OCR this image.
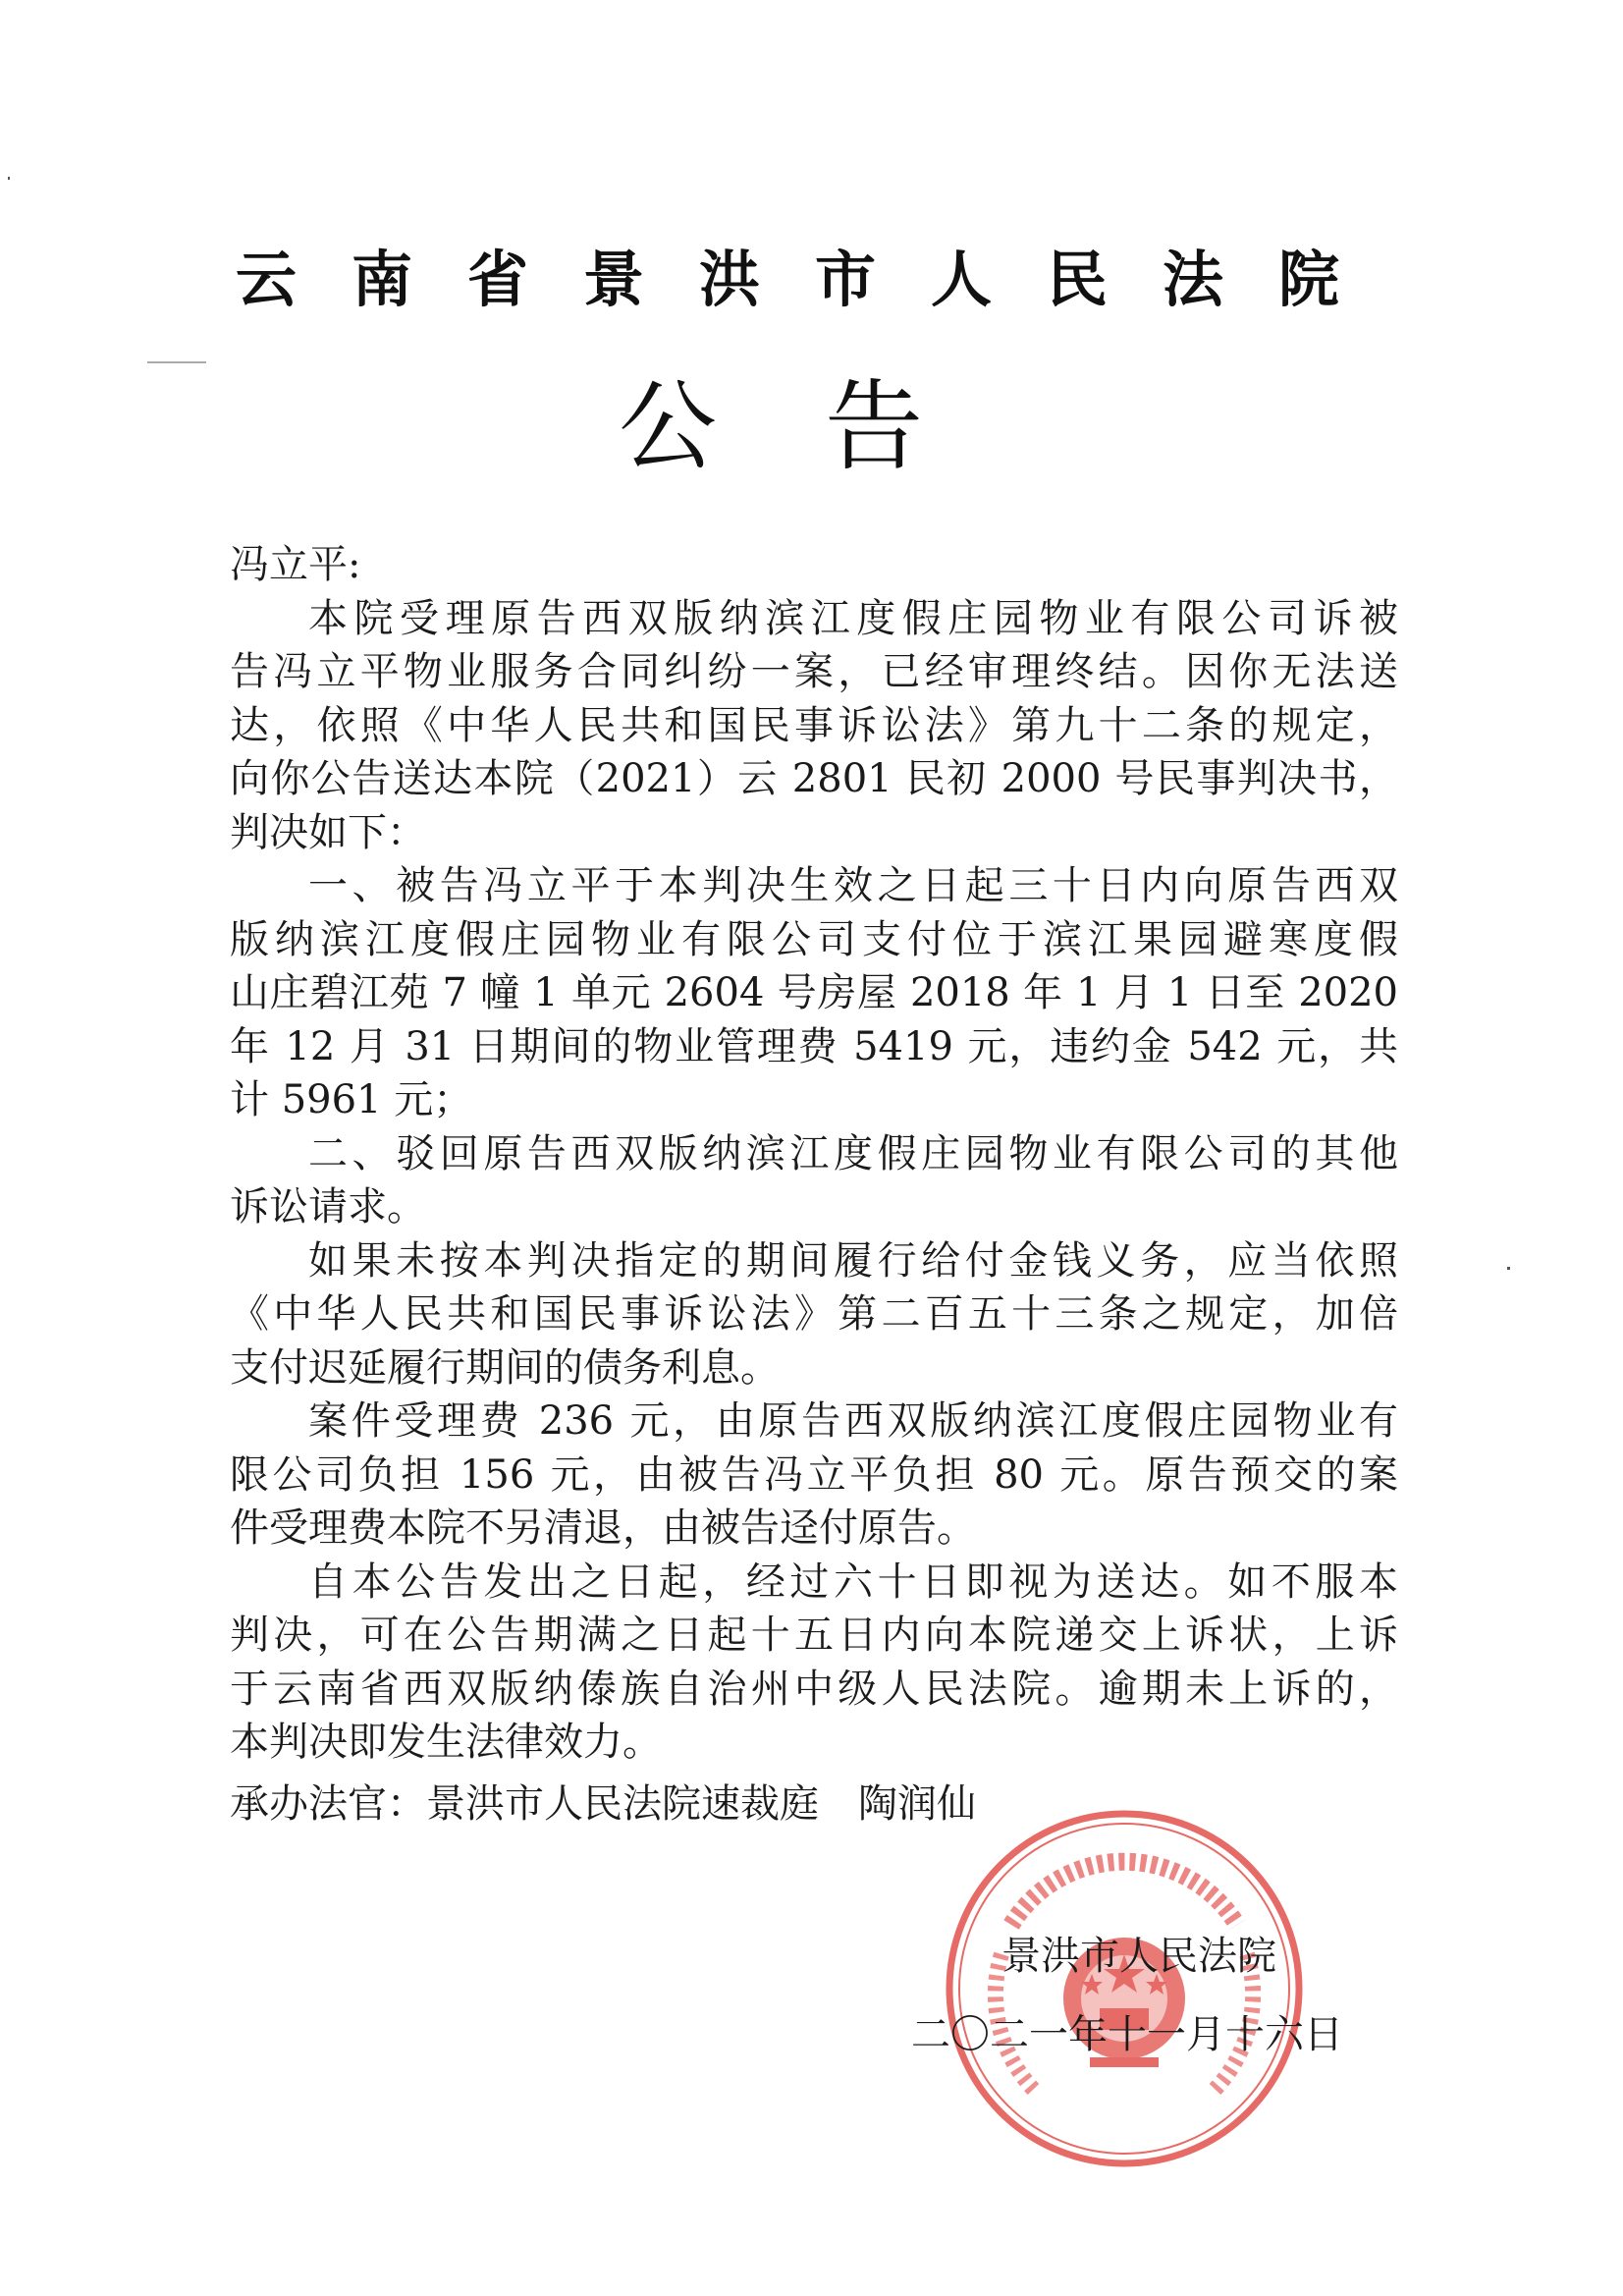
云南省景洪市人民法院
公告
冯立平:
本院受理原告西双版纳滨江度假庄园物业有限公司诉被
告冯立平物业服务合同纠纷一案，已经审理终结。因你无法送
达，依照《中华人民共和国民事诉讼法》第九十二条的规定，
向你公告送达本院（2021）云 2801 民初 2000 号民事判决书，
判决如下：
一、被告冯立平于本判决生效之日起三十日内向原告西双
版纳滨江度假庄园物业有限公司支付位于滨江果园避寒度假
山庄碧江苑 7 幢 1 单元 2604 号房屋 2018 年 1 月 1 日至 2020
年 12 月 31 日期间的物业管理费 5419 元，违约金 542 元，共
计 5961 元；
二、驳回原告西双版纳滨江度假庄园物业有限公司的其他
诉讼请求。
如果未按本判决指定的期间履行给付金钱义务，应当依照
《中华人民共和国民事诉讼法》第二百五十三条之规定，加倍
支付迟延履行期间的债务利息。
案件受理费 236 元，由原告西双版纳滨江度假庄园物业有
限公司负担 156 元，由被告冯立平负担 80 元。原告预交的案
件受理费本院不另清退，由被告迳付原告。
自本公告发出之日起，经过六十日即视为送达。如不服本
判决，可在公告期满之日起十五日内向本院递交上诉状，上诉
于云南省西双版纳傣族自治州中级人民法院。逾期未上诉的，
本判决即发生法律效力。
承办法官：景洪市人民法院速裁庭 陶润仙
景洪市人民法院
二〇二一年十一月十六日
